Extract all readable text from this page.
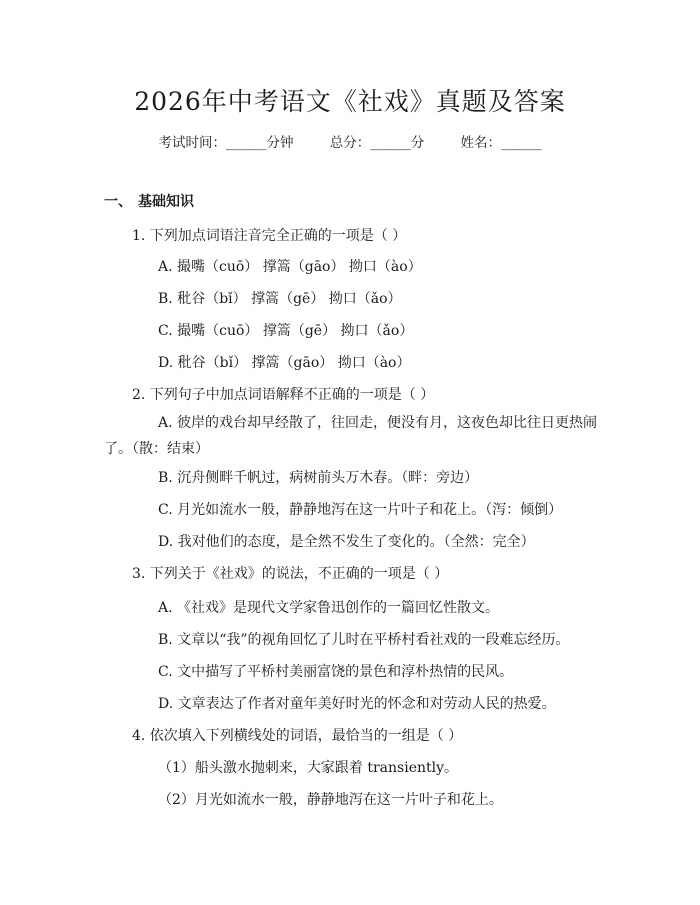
2026年中考语文《社戏》真题及答案
考试时间：______分钟	总分：______分	姓名：______
一、 基础知识
1. 下列加点词语注音完全正确的一项是（ ）
A. 撮嘴（cuō） 撑篙（gāo） 拗口（ào）
B. 秕谷（bǐ） 撑篙（gē） 拗口（ǎo）
C. 撮嘴（cuō） 撑篙（gē） 拗口（ǎo）
D. 秕谷（bǐ） 撑篙（gāo） 拗口（ào）
2. 下列句子中加点词语解释不正确的一项是（ ）
A. 彼岸的戏台却早经散了，往回走，便没有月，这夜色却比往日更热闹了。（散：结束）
B. 沉舟侧畔千帆过，病树前头万木春。（畔：旁边）
C. 月光如流水一般，静静地泻在这一片叶子和花上。（泻：倾倒）
D. 我对他们的态度，是全然不发生了变化的。（全然：完全）
3. 下列关于《社戏》的说法，不正确的一项是（ ）
A. 《社戏》是现代文学家鲁迅创作的一篇回忆性散文。
B. 文章以“我”的视角回忆了儿时在平桥村看社戏的一段难忘经历。
C. 文中描写了平桥村美丽富饶的景色和淳朴热情的民风。
D. 文章表达了作者对童年美好时光的怀念和对劳动人民的热爱。
4. 依次填入下列横线处的词语，最恰当的一组是（ ）
（1）船头激水抛刺来，大家跟着 transiently。
（2）月光如流水一般，静静地泻在这一片叶子和花上。
